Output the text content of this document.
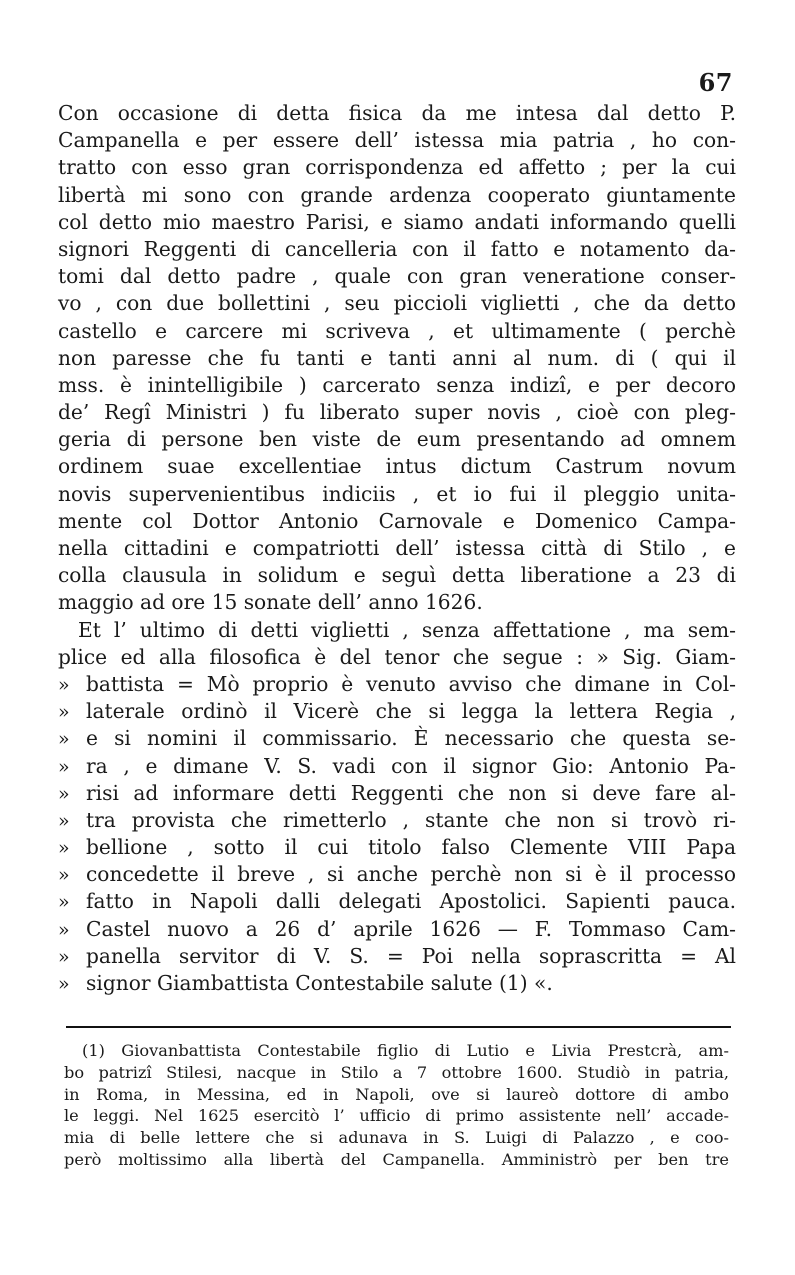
67
Con occasione di detta fisica da me intesa dal detto P.
Campanella e per essere dell’ istessa mia patria , ho con-
tratto con esso gran corrispondenza ed affetto ; per la cui
libertà mi sono con grande ardenza cooperato giuntamente
col detto mio maestro Parisi, e siamo andati informando quelli
signori Reggenti di cancelleria con il fatto e notamento da-
tomi dal detto padre , quale con gran veneratione conser-
vo , con due bollettini , seu piccioli viglietti , che da detto
castello e carcere mi scriveva , et ultimamente ( perchè
non paresse che fu tanti e tanti anni al num. di ( qui il
mss. è inintelligibile ) carcerato senza indizî, e per decoro
de’ Regî Ministri ) fu liberato super novis , cioè con pleg-
geria di persone ben viste de eum presentando ad omnem
ordinem suae excellentiae intus dictum Castrum novum
novis supervenientibus indiciis , et io fui il pleggio unita-
mente col Dottor Antonio Carnovale e Domenico Campa-
nella cittadini e compatriotti dell’ istessa città di Stilo , e
colla clausula in solidum e seguì detta liberatione a 23 di
maggio ad ore 15 sonate dell’ anno 1626.
Et l’ ultimo di detti viglietti , senza affettatione , ma sem-
plice ed alla filosofica è del tenor che segue : » Sig. Giam-
» battista = Mò proprio è venuto avviso che dimane in Col-
» laterale ordinò il Vicerè che si legga la lettera Regia ,
» e si nomini il commissario. È necessario che questa se-
» ra , e dimane V. S. vadi con il signor Gio: Antonio Pa-
» risi ad informare detti Reggenti che non si deve fare al-
» tra provista che rimetterlo , stante che non si trovò ri-
» bellione , sotto il cui titolo falso Clemente VIII Papa
» concedette il breve , si anche perchè non si è il processo
» fatto in Napoli dalli delegati Apostolici. Sapienti pauca.
» Castel nuovo a 26 d’ aprile 1626 — F. Tommaso Cam-
» panella servitor di V. S. = Poi nella soprascritta = Al
» signor Giambattista Contestabile salute (1) «.
(1) Giovanbattista Contestabile figlio di Lutio e Livia Prestcrà, am-
bo patrizî Stilesi, nacque in Stilo a 7 ottobre 1600. Studiò in patria,
in Roma, in Messina, ed in Napoli, ove si laureò dottore di ambo
le leggi. Nel 1625 esercitò l’ ufficio di primo assistente nell’ accade-
mia di belle lettere che si adunava in S. Luigi di Palazzo , e coo-
però moltissimo alla libertà del Campanella. Amministrò per ben tre
